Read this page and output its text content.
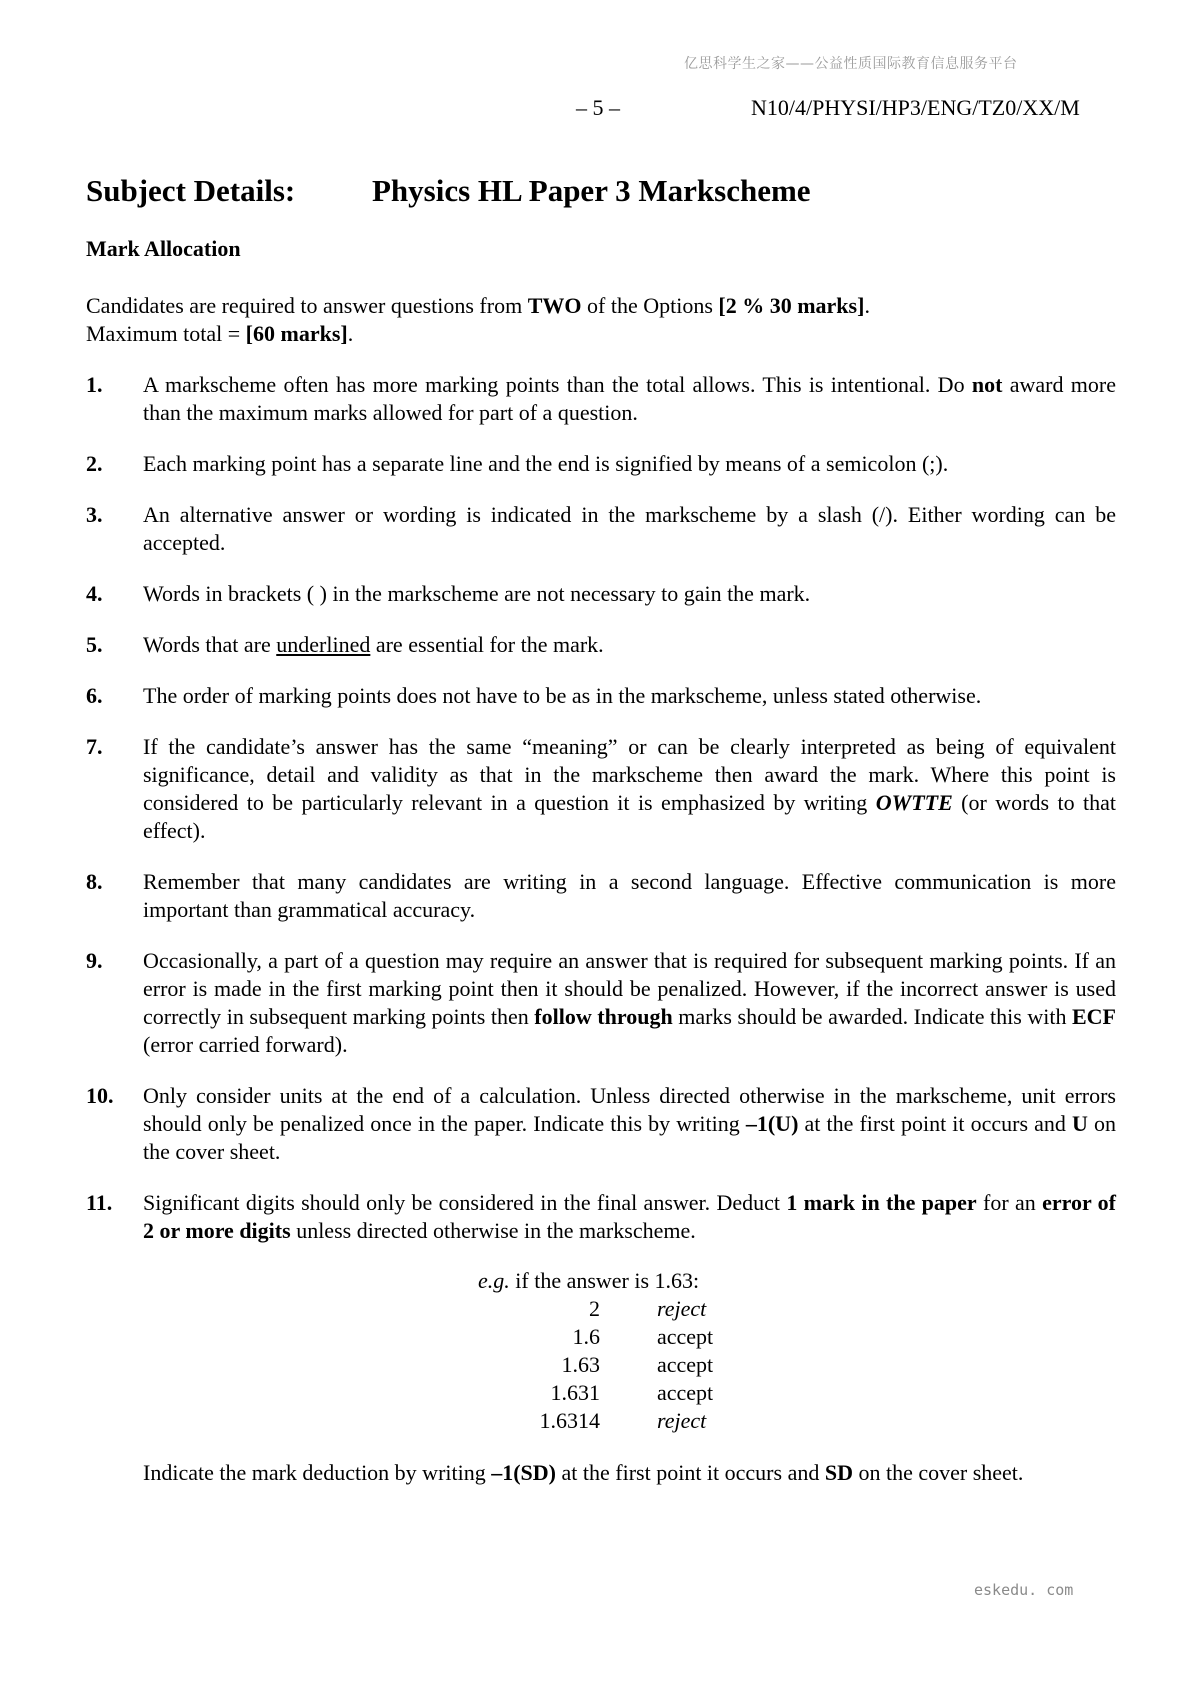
亿思科学生之家——公益性质国际教育信息服务平台
– 5 –	N10/4/PHYSI/HP3/ENG/TZ0/XX/M
Subject Details: Physics HL Paper 3 Markscheme
Mark Allocation

Candidates are required to answer questions from TWO of the Options [2 % 30 marks].

Maximum total = [60 marks].

1.	A markscheme often has more marking points than the total allows. This is intentional. Do not award more than the maximum marks allowed for part of a question.
2.	Each marking point has a separate line and the end is signified by means of a semicolon (;).
3.	An alternative answer or wording is indicated in the markscheme by a slash (/). Either wording can be accepted.
4.	Words in brackets ( ) in the markscheme are not necessary to gain the mark.
5.	Words that are underlined are essential for the mark.
6.	The order of marking points does not have to be as in the markscheme, unless stated otherwise.
7.	If the candidate’s answer has the same “meaning” or can be clearly interpreted as being of equivalent significance, detail and validity as that in the markscheme then award the mark. Where this point is considered to be particularly relevant in a question it is emphasized by writing OWTTE (or words to that effect).
8.	Remember that many candidates are writing in a second language. Effective communication is more important than grammatical accuracy.
9.	Occasionally, a part of a question may require an answer that is required for subsequent marking points. If an error is made in the first marking point then it should be penalized. However, if the incorrect answer is used correctly in subsequent marking points then follow through marks should be awarded. Indicate this with ECF (error carried forward).
10.	Only consider units at the end of a calculation. Unless directed otherwise in the markscheme, unit errors should only be penalized once in the paper. Indicate this by writing –1(U) at the first point it occurs and U on the cover sheet.
11.	Significant digits should only be considered in the final answer. Deduct 1 mark in the paper for an error of 2 or more digits unless directed otherwise in the markscheme.
e.g. if the answer is 1.63:
2	reject
1.6	accept
1.63	accept
1.631	accept
1.6314	reject
Indicate the mark deduction by writing –1(SD) at the first point it occurs and SD on the cover sheet.
eskedu. com
